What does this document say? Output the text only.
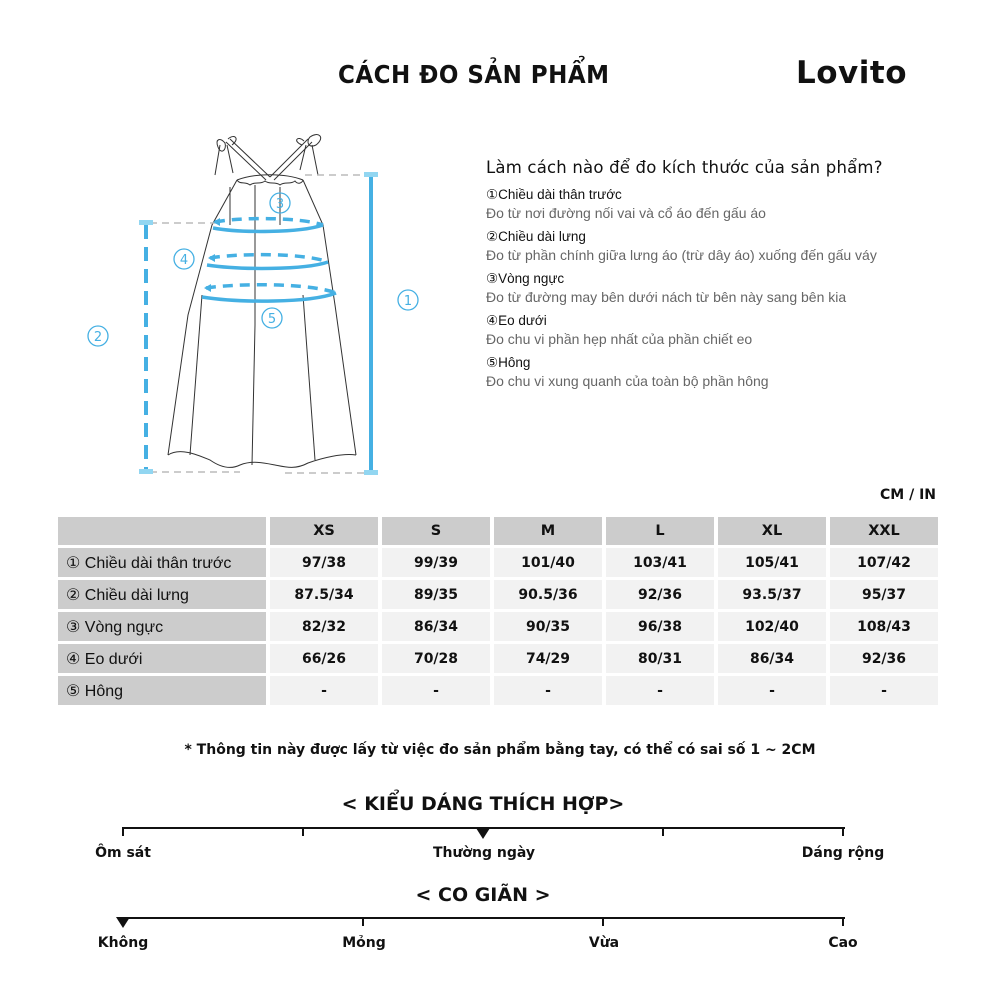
CÁCH ĐO SẢN PHẨM	Lovito
3
4
5
1
2
Làm cách nào để đo kích thước của sản phẩm?
①Chiều dài thân trước
Đo từ nơi đường nối vai và cổ áo đến gấu áo
②Chiều dài lưng
Đo từ phần chính giữa lưng áo (trừ dây áo) xuống đến gấu váy
③Vòng ngực
Đo từ đường may bên dưới nách từ bên này sang bên kia
④Eo dưới
Đo chu vi phần hẹp nhất của phần chiết eo
⑤Hông
Đo chu vi xung quanh của toàn bộ phần hông
CM / IN
	XS	S	M	L	XL	XXL
① Chiều dài thân trước	97/38	99/39	101/40	103/41	105/41	107/42
② Chiều dài lưng	87.5/34	89/35	90.5/36	92/36	93.5/37	95/37
③ Vòng ngực	82/32	86/34	90/35	96/38	102/40	108/43
④ Eo dưới	66/26	70/28	74/29	80/31	86/34	92/36
⑤ Hông	-	-	-	-	-	-
* Thông tin này được lấy từ việc đo sản phẩm bằng tay, có thể có sai số 1 ~ 2CM
< KIỂU DÁNG THÍCH HỢP>
Ôm sát	Thường ngày	Dáng rộng
< CO GIÃN >
Không	Mỏng	Vừa	Cao
